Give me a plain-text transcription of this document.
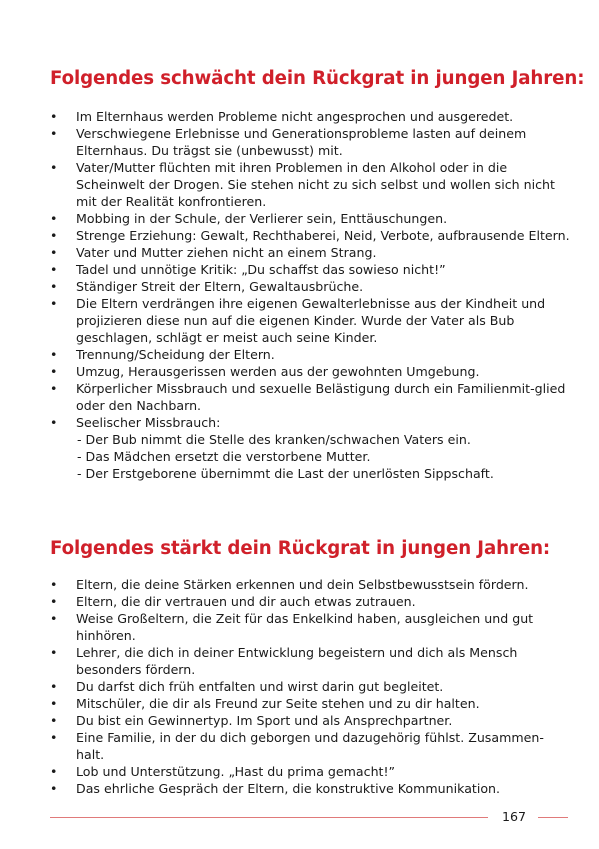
Folgendes schwächt dein Rückgrat in jungen Jahren:
• Im Elternhaus werden Probleme nicht angesprochen und ausgeredet.
• Verschwiegene Erlebnisse und Generationsprobleme lasten auf deinem Elternhaus. Du trägst sie (unbewusst) mit.
• Vater/Mutter flüchten mit ihren Problemen in den Alkohol oder in die Scheinwelt der Drogen. Sie stehen nicht zu sich selbst und wollen sich nicht mit der Realität konfrontieren.
• Mobbing in der Schule, der Verlierer sein, Enttäuschungen.
• Strenge Erziehung: Gewalt, Rechthaberei, Neid, Verbote, aufbrausende Eltern.
• Vater und Mutter ziehen nicht an einem Strang.
• Tadel und unnötige Kritik: „Du schaffst das sowieso nicht!”
• Ständiger Streit der Eltern, Gewaltausbrüche.
• Die Eltern verdrängen ihre eigenen Gewalterlebnisse aus der Kindheit und projizieren diese nun auf die eigenen Kinder. Wurde der Vater als Bub geschlagen, schlägt er meist auch seine Kinder.
• Trennung/Scheidung der Eltern.
• Umzug, Herausgerissen werden aus der gewohnten Umgebung.
• Körperlicher Missbrauch und sexuelle Belästigung durch ein Familienmit-glied oder den Nachbarn.
• Seelischer Missbrauch:
- Der Bub nimmt die Stelle des kranken/schwachen Vaters ein.
- Das Mädchen ersetzt die verstorbene Mutter.
- Der Erstgeborene übernimmt die Last der unerlösten Sippschaft.
Folgendes stärkt dein Rückgrat in jungen Jahren:
• Eltern, die deine Stärken erkennen und dein Selbstbewusstsein fördern.
• Eltern, die dir vertrauen und dir auch etwas zutrauen.
• Weise Großeltern, die Zeit für das Enkelkind haben, ausgleichen und gut hinhören.
• Lehrer, die dich in deiner Entwicklung begeistern und dich als Mensch besonders fördern.
• Du darfst dich früh entfalten und wirst darin gut begleitet.
• Mitschüler, die dir als Freund zur Seite stehen und zu dir halten.
• Du bist ein Gewinnertyp. Im Sport und als Ansprechpartner.
• Eine Familie, in der du dich geborgen und dazugehörig fühlst. Zusammen-halt.
• Lob und Unterstützung. „Hast du prima gemacht!”
• Das ehrliche Gespräch der Eltern, die konstruktive Kommunikation.
167
